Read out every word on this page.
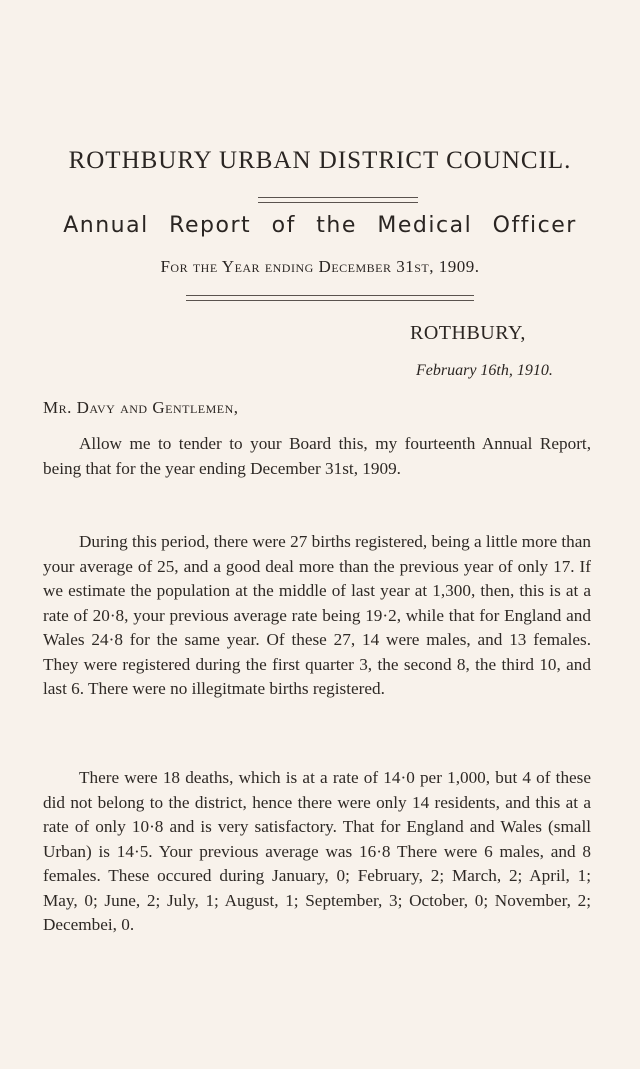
ROTHBURY URBAN DISTRICT COUNCIL.
Annual Report of the Medical Officer
For the Year ending December 31st, 1909.
ROTHBURY,
February 16th, 1910.
Mr. Davy and Gentlemen,

Allow me to tender to your Board this, my fourteenth Annual Report, being that for the year ending December 31st, 1909.

During this period, there were 27 births registered, being a little more than your average of 25, and a good deal more than the previous year of only 17. If we estimate the population at the middle of last year at 1,300, then, this is at a rate of 20·8, your previous average rate being 19·2, while that for England and Wales 24·8 for the same year. Of these 27, 14 were males, and 13 females. They were registered during the first quarter 3, the second 8, the third 10, and last 6. There were no illegitmate births registered.

There were 18 deaths, which is at a rate of 14·0 per 1,000, but 4 of these did not belong to the district, hence there were only 14 residents, and this at a rate of only 10·8 and is very satisfactory. That for England and Wales (small Urban) is 14·5. Your previous average was 16·8 There were 6 males, and 8 females. These occured during January, 0; February, 2; March, 2; April, 1; May, 0; June, 2; July, 1; August, 1; September, 3; October, 0; November, 2; Decembei, 0.
